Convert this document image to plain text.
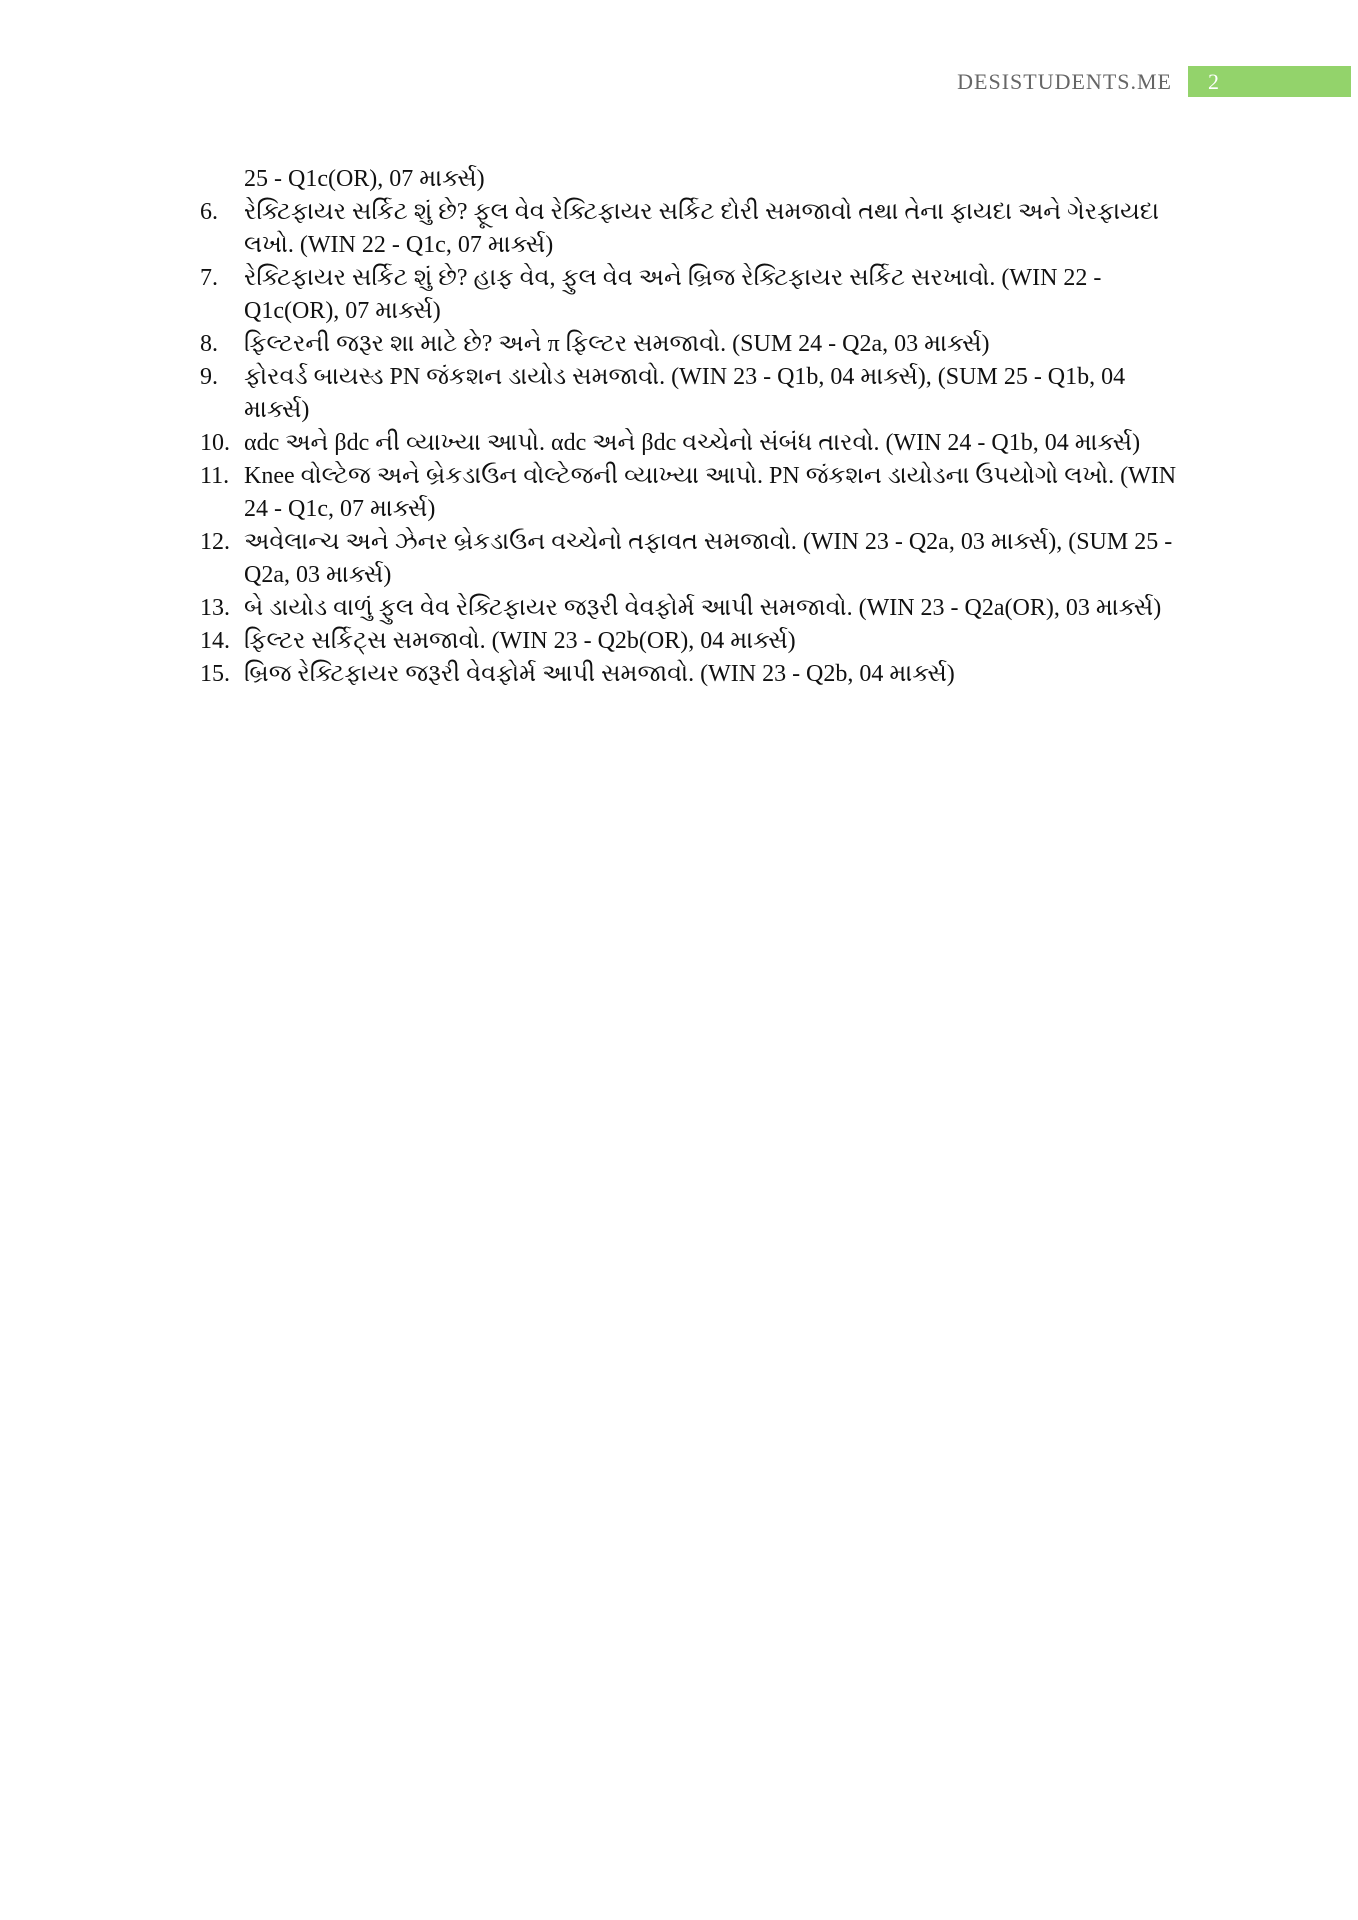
DESISTUDENTS.ME	2
25 - Q1c(OR), 07 માર્ક્સ)
6.	રેક્ટિફાયર સર્કિટ શું છે? ફૂલ વેવ રેક્ટિફાયર સર્કિટ દોરી સમજાવો તથા તેના ફાયદા અને ગેરફાયદા લખો. (WIN 22 - Q1c, 07 માર્ક્સ)
7.	રેક્ટિફાયર સર્કિટ શું છે? હાફ વેવ, ફુલ વેવ અને બ્રિજ રેક્ટિફાયર સર્કિટ સરખાવો. (WIN 22 - Q1c(OR), 07 માર્ક્સ)
8.	ફિલ્ટરની જરૂર શા માટે છે? અને π ફિલ્ટર સમજાવો. (SUM 24 - Q2a, 03 માર્ક્સ)
9.	ફોરવર્ડ બાયસ્ડ PN જંકશન ડાયોડ સમજાવો. (WIN 23 - Q1b, 04 માર્ક્સ), (SUM 25 - Q1b, 04 માર્ક્સ)
10. αdc અને βdc ની વ્યાખ્યા આપો. αdc અને βdc વચ્ચેનો સંબંધ તારવો. (WIN 24 - Q1b, 04 માર્ક્સ)
11. Knee વોલ્ટેજ અને બ્રેકડાઉન વોલ્ટેજની વ્યાખ્યા આપો. PN જંકશન ડાયોડના ઉપયોગો લખો. (WIN 24 - Q1c, 07 માર્ક્સ)
12. અવેલાન્ચ અને ઝેનર બ્રેકડાઉન વચ્ચેનો તફાવત સમજાવો. (WIN 23 - Q2a, 03 માર્ક્સ), (SUM 25 - Q2a, 03 માર્ક્સ)
13. બે ડાયોડ વાળું ફુલ વેવ રેક્ટિફાયર જરૂરી વેવફોર્મ આપી સમજાવો. (WIN 23 - Q2a(OR), 03 માર્ક્સ)
14. ફિલ્ટર સર્કિટ્સ સમજાવો. (WIN 23 - Q2b(OR), 04 માર્ક્સ)
15. બ્રિજ રેક્ટિફાયર જરૂરી વેવફોર્મ આપી સમજાવો. (WIN 23 - Q2b, 04 માર્ક્સ)
